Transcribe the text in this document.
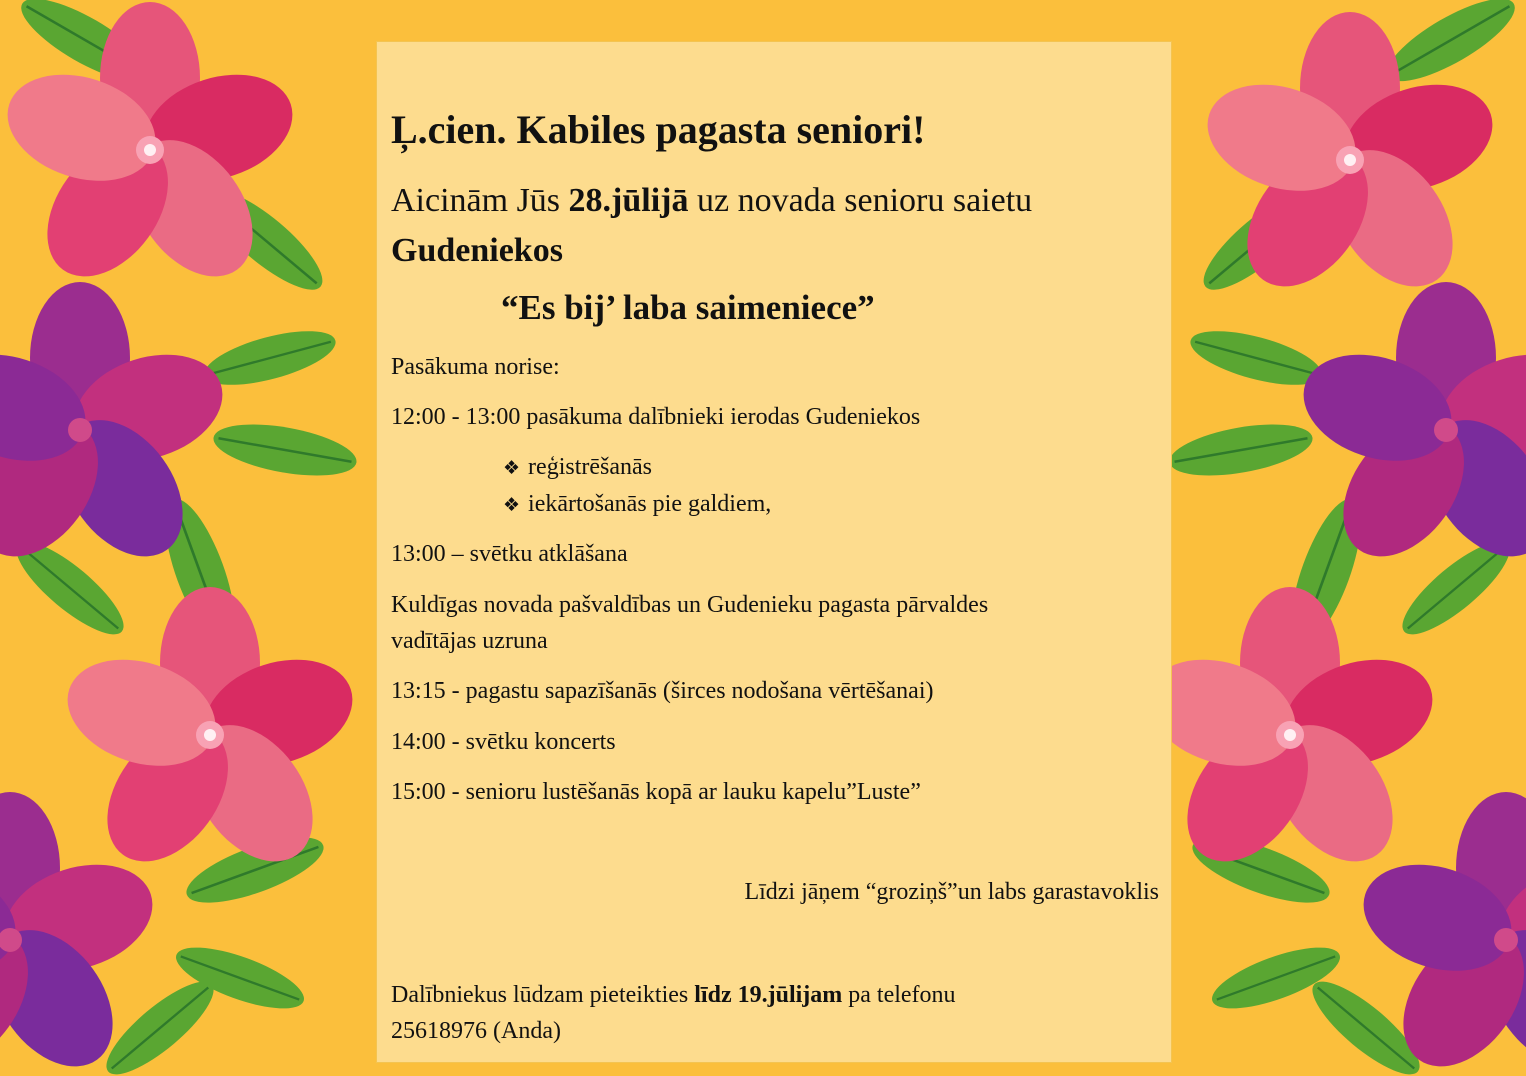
Ļ.cien. Kabiles pagasta seniori!
Aicinām Jūs 28.jūlijā uz novada senioru saietu
Gudeniekos
“Es bij’ laba saimeniece”
Pasākuma norise:
12:00 - 13:00 pasākuma dalībnieki ierodas Gudeniekos
❖ reģistrēšanās
❖ iekārtošanās pie galdiem,
13:00 – svētku atklāšana
Kuldīgas novada pašvaldības un Gudenieku pagasta pārvaldes
vadītājas uzruna
13:15 - pagastu sapazīšanās (širces nodošana vērtēšanai)
14:00 - svētku koncerts
15:00 - senioru lustēšanās kopā ar lauku kapelu”Luste”
Līdzi jāņem “groziņš”un labs garastavoklis
Dalībniekus lūdzam pieteikties līdz 19.jūlijam pa telefonu
25618976 (Anda)
